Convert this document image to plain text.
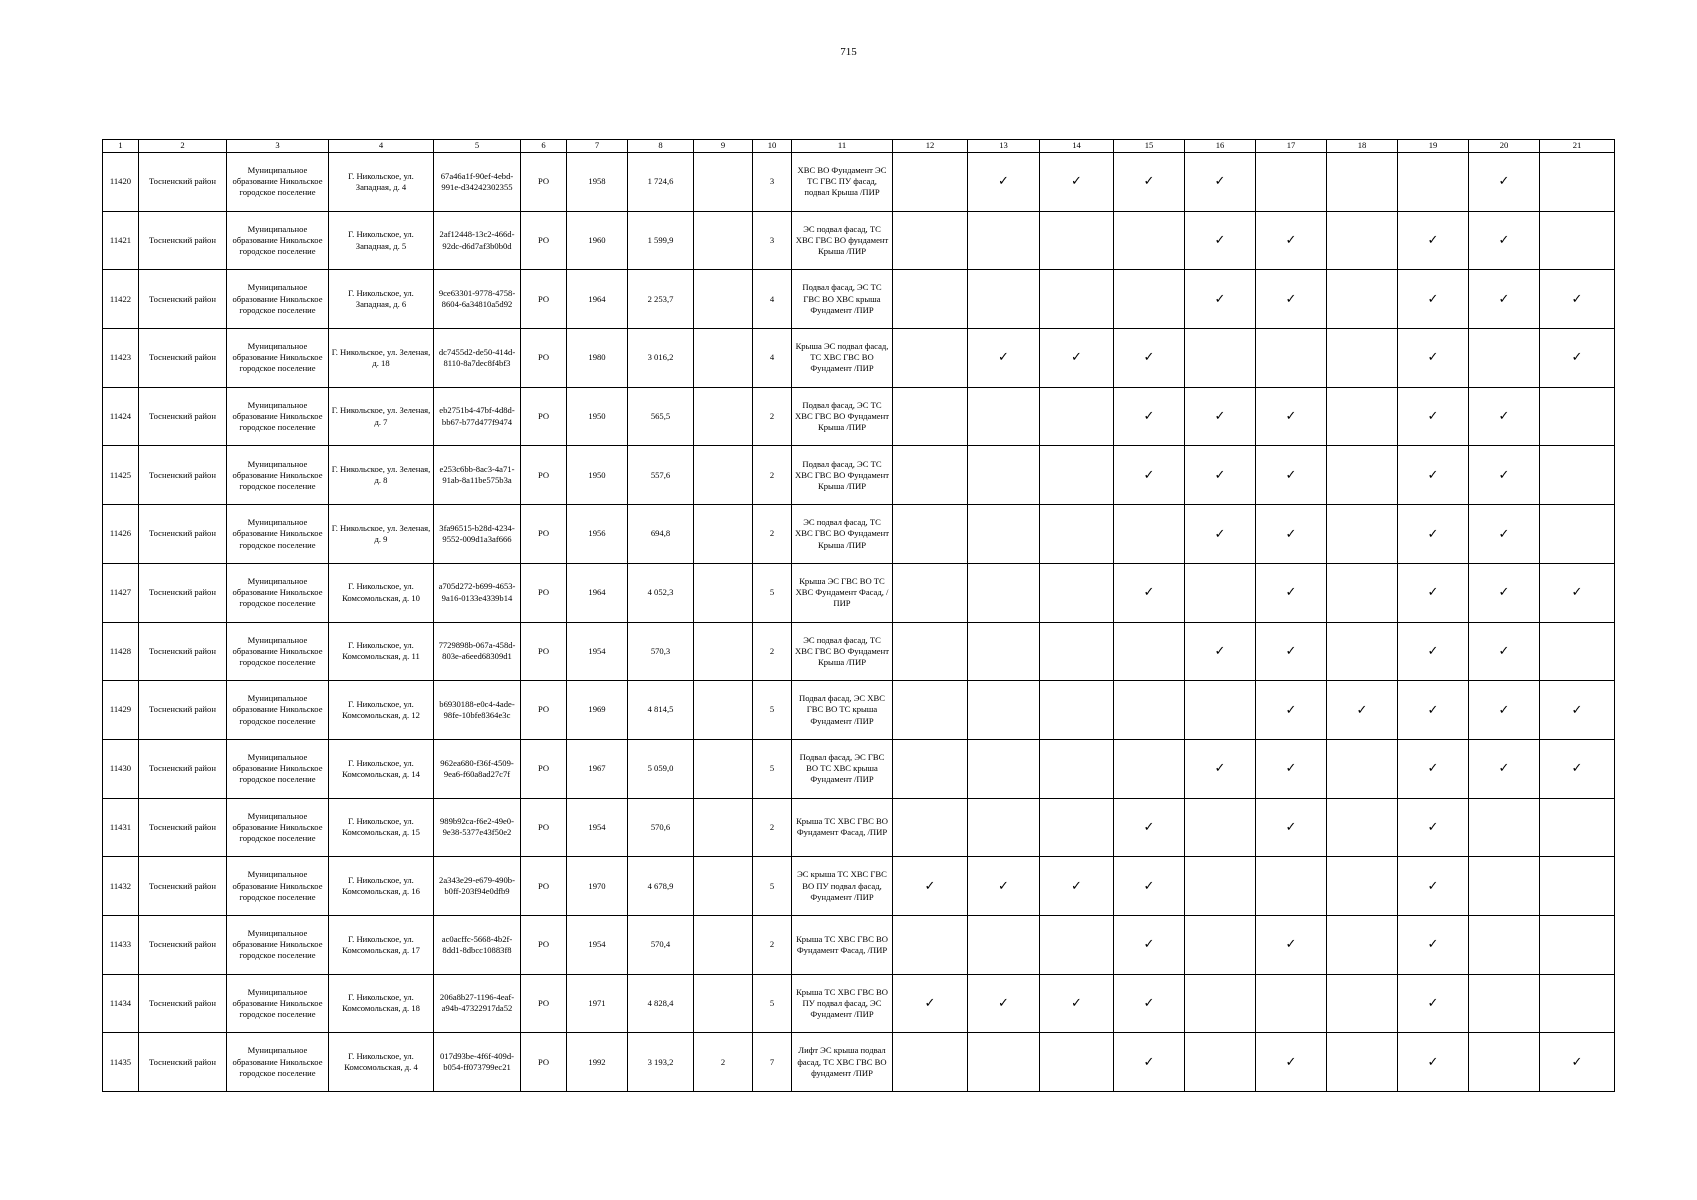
715
1	2	3	4	5	6	7	8	9	10	11	12	13	14	15	16	17	18	19	20	21
11420	Тосненский район	Муниципальное образование Никольское городское поселение	Г. Никольское, ул. Западная, д. 4	67a46a1f-90ef-4ebd-991e-d34242302355	РО	1958	1 724,6		3	ХВС ВО Фундамент ЭС ТС ГВС ПУ фасад, подвал Крыша /ПИР		✓	✓	✓	✓				✓	
11421	Тосненский район	Муниципальное образование Никольское городское поселение	Г. Никольское, ул. Западная, д. 5	2af12448-13c2-466d-92dc-d6d7af3b0b0d	РО	1960	1 599,9		3	ЭС подвал фасад, ТС ХВС ГВС ВО фундамент Крыша /ПИР					✓	✓		✓	✓	
11422	Тосненский район	Муниципальное образование Никольское городское поселение	Г. Никольское, ул. Западная, д. 6	9ce63301-9778-4758-8604-6a34810a5d92	РО	1964	2 253,7		4	Подвал фасад, ЭС ТС ГВС ВО ХВС крыша Фундамент /ПИР					✓	✓		✓	✓	✓
11423	Тосненский район	Муниципальное образование Никольское городское поселение	Г. Никольское, ул. Зеленая, д. 18	dc7455d2-de50-414d-8110-8a7dec8f4bf3	РО	1980	3 016,2		4	Крыша ЭС подвал фасад, ТС ХВС ГВС ВО Фундамент /ПИР		✓	✓	✓				✓		✓
11424	Тосненский район	Муниципальное образование Никольское городское поселение	Г. Никольское, ул. Зеленая, д. 7	eb2751b4-47bf-4d8d-bb67-b77d477f9474	РО	1950	565,5		2	Подвал фасад, ЭС ТС ХВС ГВС ВО Фундамент Крыша /ПИР				✓	✓	✓		✓	✓	
11425	Тосненский район	Муниципальное образование Никольское городское поселение	Г. Никольское, ул. Зеленая, д. 8	e253c6bb-8ac3-4a71-91ab-8a11be575b3a	РО	1950	557,6		2	Подвал фасад, ЭС ТС ХВС ГВС ВО Фундамент Крыша /ПИР				✓	✓	✓		✓	✓	
11426	Тосненский район	Муниципальное образование Никольское городское поселение	Г. Никольское, ул. Зеленая, д. 9	3fa96515-b28d-4234-9552-009d1a3af666	РО	1956	694,8		2	ЭС подвал фасад, ТС ХВС ГВС ВО Фундамент Крыша /ПИР					✓	✓		✓	✓	
11427	Тосненский район	Муниципальное образование Никольское городское поселение	Г. Никольское, ул. Комсомольская, д. 10	a705d272-b699-4653-9a16-0133e4339b14	РО	1964	4 052,3		5	Крыша ЭС ГВС ВО ТС ХВС Фундамент Фасад, /ПИР				✓		✓		✓	✓	✓
11428	Тосненский район	Муниципальное образование Никольское городское поселение	Г. Никольское, ул. Комсомольская, д. 11	7729898b-067a-458d-803e-a6eed68309d1	РО	1954	570,3		2	ЭС подвал фасад, ТС ХВС ГВС ВО Фундамент Крыша /ПИР					✓	✓		✓	✓	
11429	Тосненский район	Муниципальное образование Никольское городское поселение	Г. Никольское, ул. Комсомольская, д. 12	b6930188-e0c4-4ade-98fe-10bfe8364e3c	РО	1969	4 814,5		5	Подвал фасад, ЭС ХВС ГВС ВО ТС крыша Фундамент /ПИР						✓	✓	✓	✓	✓
11430	Тосненский район	Муниципальное образование Никольское городское поселение	Г. Никольское, ул. Комсомольская, д. 14	962ea680-f36f-4509-9ea6-f60a8ad27c7f	РО	1967	5 059,0		5	Подвал фасад, ЭС ГВС ВО ТС ХВС крыша Фундамент /ПИР					✓	✓		✓	✓	✓
11431	Тосненский район	Муниципальное образование Никольское городское поселение	Г. Никольское, ул. Комсомольская, д. 15	989b92ca-f6e2-49e0-9e38-5377e43f50e2	РО	1954	570,6		2	Крыша ТС ХВС ГВС ВО Фундамент Фасад, /ПИР				✓		✓		✓		
11432	Тосненский район	Муниципальное образование Никольское городское поселение	Г. Никольское, ул. Комсомольская, д. 16	2a343e29-e679-490b-b0ff-203f94e0dfb9	РО	1970	4 678,9		5	ЭС крыша ТС ХВС ГВС ВО ПУ подвал фасад, Фундамент /ПИР	✓	✓	✓	✓				✓		
11433	Тосненский район	Муниципальное образование Никольское городское поселение	Г. Никольское, ул. Комсомольская, д. 17	ac0acffc-5668-4b2f-8dd1-8dbcc10883f8	РО	1954	570,4		2	Крыша ТС ХВС ГВС ВО Фундамент Фасад, /ПИР				✓		✓		✓		
11434	Тосненский район	Муниципальное образование Никольское городское поселение	Г. Никольское, ул. Комсомольская, д. 18	206a8b27-1196-4eaf-a94b-47322917da52	РО	1971	4 828,4		5	Крыша ТС ХВС ГВС ВО ПУ подвал фасад, ЭС Фундамент /ПИР	✓	✓	✓	✓				✓		
11435	Тосненский район	Муниципальное образование Никольское городское поселение	Г. Никольское, ул. Комсомольская, д. 4	017d93be-4f6f-409d-b054-ff073799ec21	РО	1992	3 193,2	2	7	Лифт ЭС крыша подвал фасад, ТС ХВС ГВС ВО фундамент /ПИР				✓		✓		✓		✓
